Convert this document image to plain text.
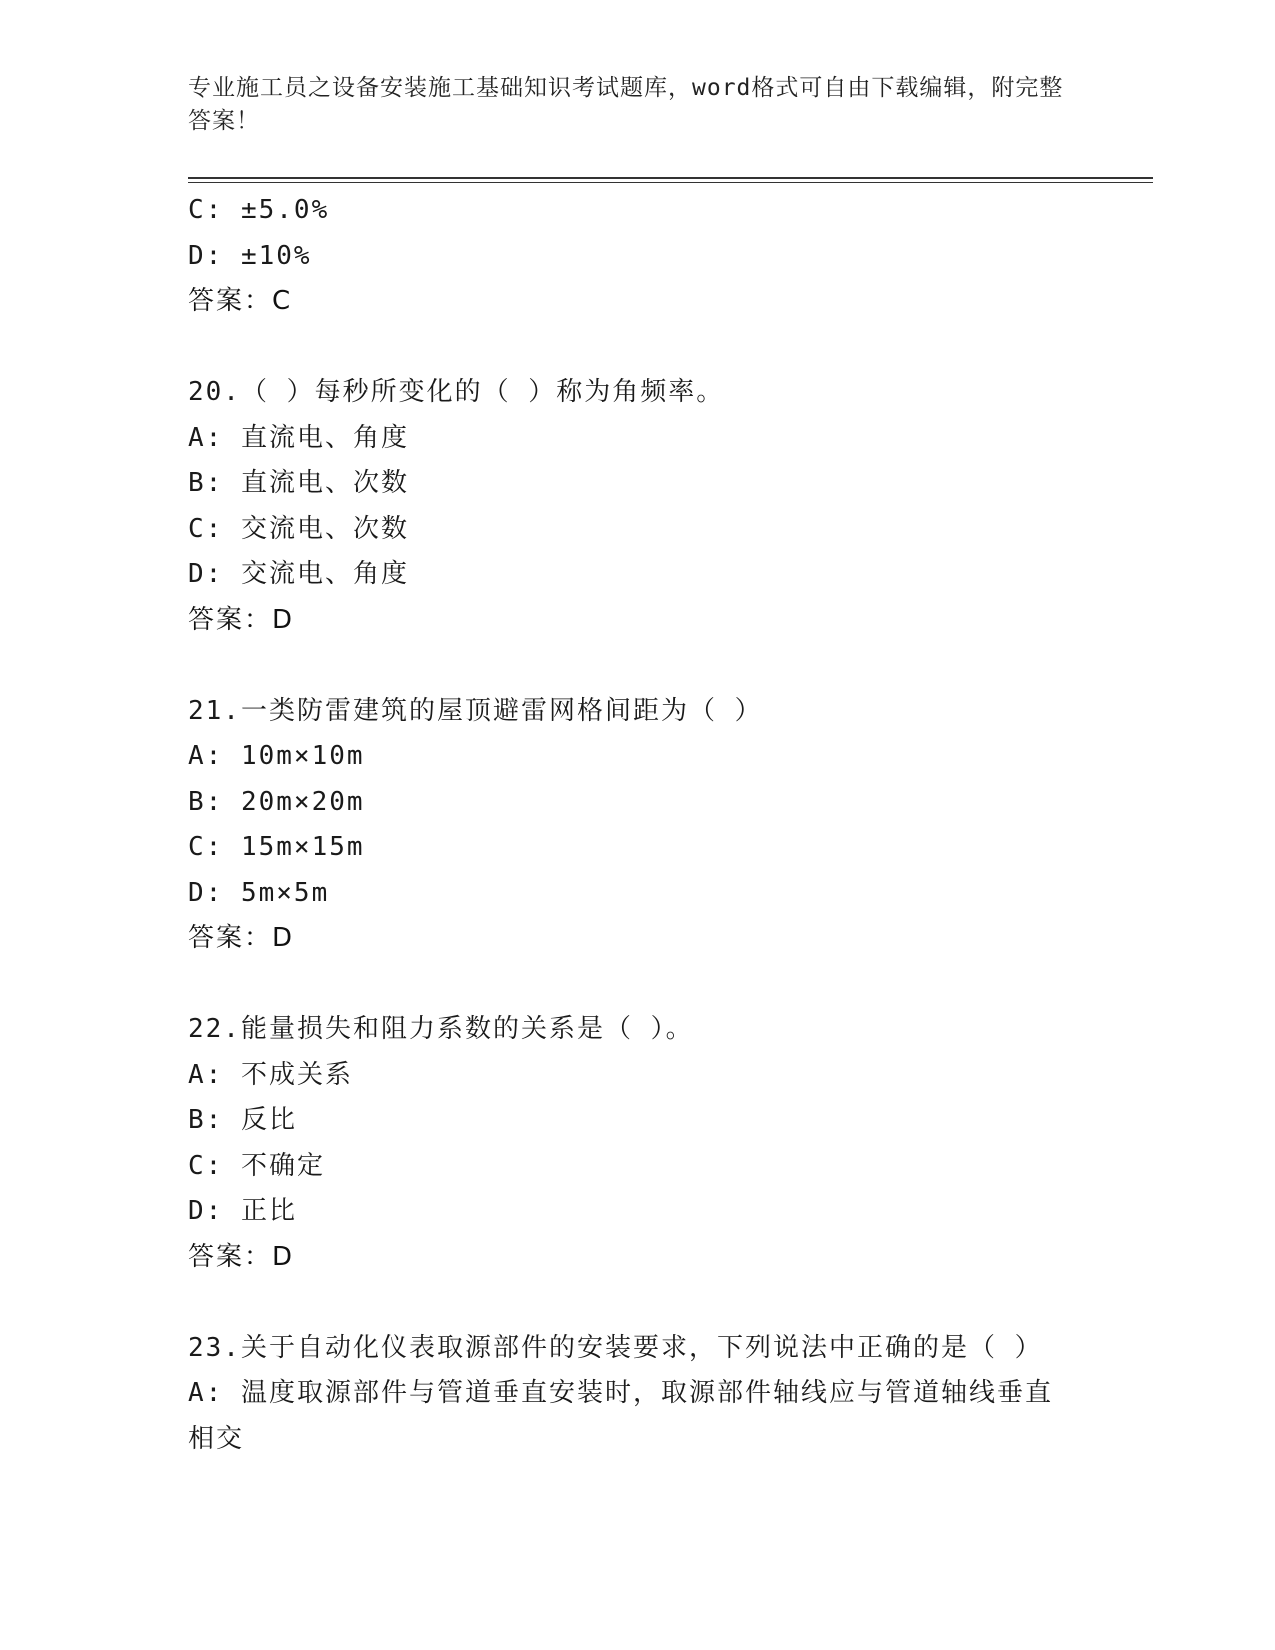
专业施工员之设备安装施工基础知识考试题库，word格式可自由下载编辑，附完整答案！
C: ±5.0%
D: ±10%
答案：C
20.（ ）每秒所变化的（ ）称为角频率。
A: 直流电、角度
B: 直流电、次数
C: 交流电、次数
D: 交流电、角度
答案：D
21.一类防雷建筑的屋顶避雷网格间距为（ ）
A: 10m×10m
B: 20m×20m
C: 15m×15m
D: 5m×5m
答案：D
22.能量损失和阻力系数的关系是（ ）。
A: 不成关系
B: 反比
C: 不确定
D: 正比
答案：D
23.关于自动化仪表取源部件的安装要求，下列说法中正确的是（ ）
A: 温度取源部件与管道垂直安装时，取源部件轴线应与管道轴线垂直相交
